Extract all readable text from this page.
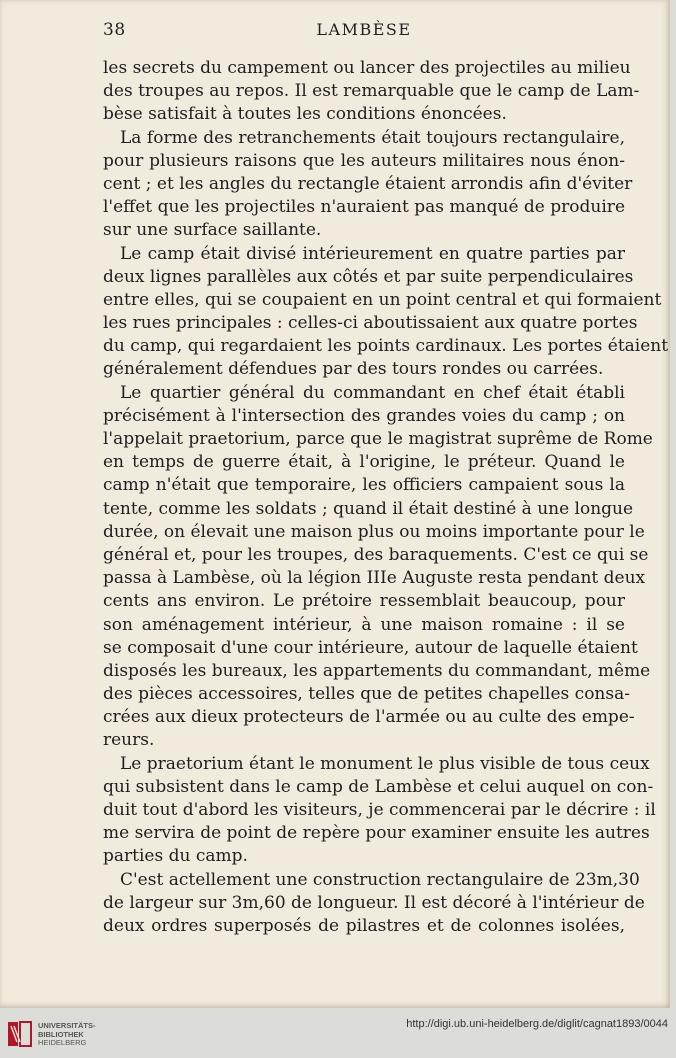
38	LAMBÈSE
les secrets du campement ou lancer des projectiles au milieu
des troupes au repos. Il est remarquable que le camp de Lam-
bèse satisfait à toutes les conditions énoncées.
La forme des retranchements était toujours rectangulaire,
pour plusieurs raisons que les auteurs militaires nous énon-
cent ; et les angles du rectangle étaient arrondis afin d'éviter
l'effet que les projectiles n'auraient pas manqué de produire
sur une surface saillante.
Le camp était divisé intérieurement en quatre parties par
deux lignes parallèles aux côtés et par suite perpendiculaires
entre elles, qui se coupaient en un point central et qui formaient
les rues principales : celles-ci aboutissaient aux quatre portes
du camp, qui regardaient les points cardinaux. Les portes étaient
généralement défendues par des tours rondes ou carrées.
Le quartier général du commandant en chef était établi
précisément à l'intersection des grandes voies du camp ; on
l'appelait praetorium, parce que le magistrat suprême de Rome
en temps de guerre était, à l'origine, le préteur. Quand le
camp n'était que temporaire, les officiers campaient sous la
tente, comme les soldats ; quand il était destiné à une longue
durée, on élevait une maison plus ou moins importante pour le
général et, pour les troupes, des baraquements. C'est ce qui se
passa à Lambèse, où la légion IIIe Auguste resta pendant deux
cents ans environ. Le prétoire ressemblait beaucoup, pour
son aménagement intérieur, à une maison romaine : il se
se composait d'une cour intérieure, autour de laquelle étaient
disposés les bureaux, les appartements du commandant, même
des pièces accessoires, telles que de petites chapelles consa-
crées aux dieux protecteurs de l'armée ou au culte des empe-
reurs.
Le praetorium étant le monument le plus visible de tous ceux
qui subsistent dans le camp de Lambèse et celui auquel on con-
duit tout d'abord les visiteurs, je commencerai par le décrire : il
me servira de point de repère pour examiner ensuite les autres
parties du camp.
C'est actellement une construction rectangulaire de 23m,30
de largeur sur 3m,60 de longueur. Il est décoré à l'intérieur de
deux ordres superposés de pilastres et de colonnes isolées,
UNIVERSITÄTS-
BIBLIOTHEK
HEIDELBERG
http://digi.ub.uni-heidelberg.de/diglit/cagnat1893/0044
